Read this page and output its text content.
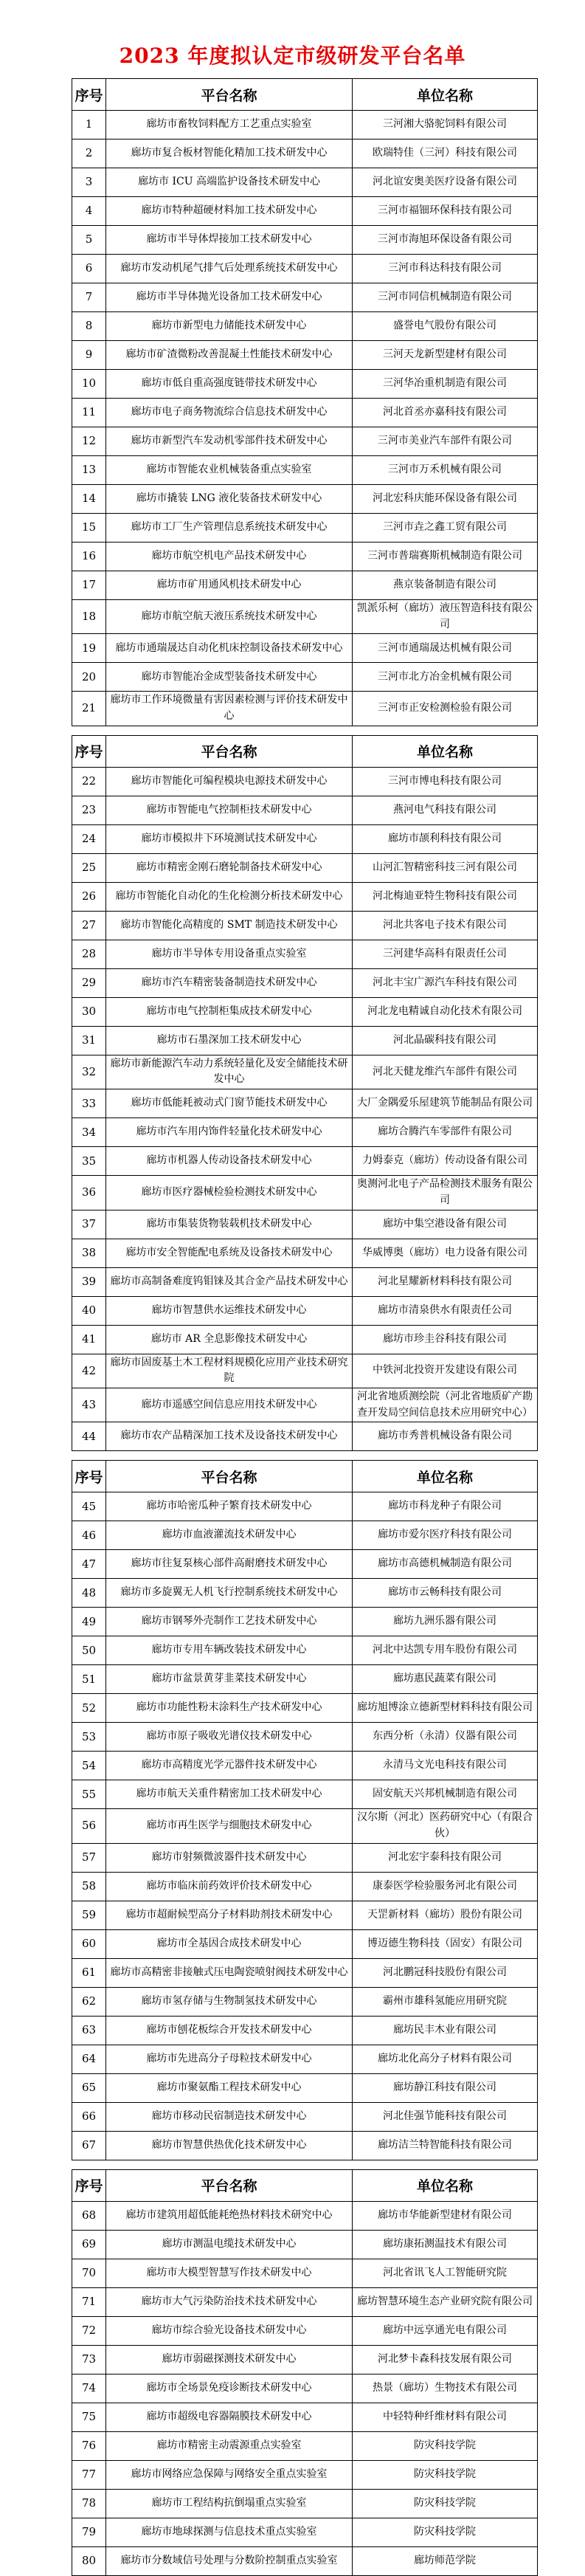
2023 年度拟认定市级研发平台名单
序号	平台名称	单位名称
1	廊坊市畜牧饲料配方工艺重点实验室	三河湘大骆驼饲料有限公司
2	廊坊市复合板材智能化精加工技术研发中心	欧瑞特佳（三河）科技有限公司
3	廊坊市 ICU 高端监护设备技术研发中心	河北谊安奥美医疗设备有限公司
4	廊坊市特种超硬材料加工技术研发中心	三河市福钿环保科技有限公司
5	廊坊市半导体焊接加工技术研发中心	三河市海旭环保设备有限公司
6	廊坊市发动机尾气排气后处理系统技术研发中心	三河市科达科技有限公司
7	廊坊市半导体抛光设备加工技术研发中心	三河市同信机械制造有限公司
8	廊坊市新型电力储能技术研发中心	盛誉电气股份有限公司
9	廊坊市矿渣微粉改善混凝土性能技术研发中心	三河天龙新型建材有限公司
10	廊坊市低自重高强度链带技术研发中心	三河华冶重机制造有限公司
11	廊坊市电子商务物流综合信息技术研发中心	河北首丞亦嘉科技有限公司
12	廊坊市新型汽车发动机零部件技术研发中心	三河市美业汽车部件有限公司
13	廊坊市智能农业机械装备重点实验室	三河市万禾机械有限公司
14	廊坊市撬装 LNG 液化装备技术研发中心	河北宏科庆能环保设备有限公司
15	廊坊市工厂生产管理信息系统技术研发中心	三河市垚之鑫工贸有限公司
16	廊坊市航空机电产品技术研发中心	三河市普瑞赛斯机械制造有限公司
17	廊坊市矿用通风机技术研发中心	燕京装备制造有限公司
18	廊坊市航空航天液压系统技术研发中心	凯派乐柯（廊坊）液压智造科技有限公司
19	廊坊市通瑞晟达自动化机床控制设备技术研发中心	三河市通瑞晟达机械有限公司
20	廊坊市智能冶金成型装备技术研发中心	三河市北方冶金机械有限公司
21	廊坊市工作环境微量有害因素检测与评价技术研发中心	三河市正安检测检验有限公司
序号	平台名称	单位名称
22	廊坊市智能化可编程模块电源技术研发中心	三河市博电科技有限公司
23	廊坊市智能电气控制柜技术研发中心	燕河电气科技有限公司
24	廊坊市模拟井下环境测试技术研发中心	廊坊市颉利科技有限公司
25	廊坊市精密金刚石磨轮制备技术研发中心	山河汇智精密科技三河有限公司
26	廊坊市智能化自动化的生化检测分析技术研发中心	河北梅迪亚特生物科技有限公司
27	廊坊市智能化高精度的 SMT 制造技术研发中心	河北共客电子技术有限公司
28	廊坊市半导体专用设备重点实验室	三河建华高科有限责任公司
29	廊坊市汽车精密装备制造技术研发中心	河北丰宝广源汽车科技有限公司
30	廊坊市电气控制柜集成技术研发中心	河北龙电精诚自动化技术有限公司
31	廊坊市石墨深加工技术研发中心	河北晶碳科技有限公司
32	廊坊市新能源汽车动力系统轻量化及安全储能技术研发中心	河北天健龙维汽车部件有限公司
33	廊坊市低能耗被动式门窗节能技术研发中心	大厂金隅爱乐屋建筑节能制品有限公司
34	廊坊市汽车用内饰件轻量化技术研发中心	廊坊合腾汽车零部件有限公司
35	廊坊市机器人传动设备技术研发中心	力姆泰克（廊坊）传动设备有限公司
36	廊坊市医疗器械检验检测技术研发中心	奥测河北电子产品检测技术服务有限公司
37	廊坊市集装货物装载机技术研发中心	廊坊中集空港设备有限公司
38	廊坊市安全智能配电系统及设备技术研发中心	华威博奥（廊坊）电力设备有限公司
39	廊坊市高制备难度钨钼铼及其合金产品技术研发中心	河北星耀新材料科技有限公司
40	廊坊市智慧供水运维技术研发中心	廊坊市清泉供水有限责任公司
41	廊坊市 AR 全息影像技术研发中心	廊坊市珍圭谷科技有限公司
42	廊坊市固废基土木工程材料规模化应用产业技术研究院	中铁河北投资开发建设有限公司
43	廊坊市遥感空间信息应用技术研发中心	河北省地质测绘院（河北省地质矿产勘查开发局空间信息技术应用研究中心）
44	廊坊市农产品精深加工技术及设备技术研发中心	廊坊市秀普机械设备有限公司
序号	平台名称	单位名称
45	廊坊市哈密瓜种子繁育技术研发中心	廊坊市科龙种子有限公司
46	廊坊市血液灌流技术研发中心	廊坊市爱尔医疗科技有限公司
47	廊坊市往复泵核心部件高耐磨技术研发中心	廊坊市高德机械制造有限公司
48	廊坊市多旋翼无人机飞行控制系统技术研发中心	廊坊市云畅科技有限公司
49	廊坊市钢琴外壳制作工艺技术研发中心	廊坊九洲乐器有限公司
50	廊坊市专用车辆改装技术研发中心	河北中达凯专用车股份有限公司
51	廊坊市盆景黄芽韭菜技术研发中心	廊坊惠民蔬菜有限公司
52	廊坊市功能性粉末涂料生产技术研发中心	廊坊旭博涂立德新型材料科技有限公司
53	廊坊市原子吸收光谱仪技术研发中心	东西分析（永清）仪器有限公司
54	廊坊市高精度光学元器件技术研发中心	永清马文光电科技有限公司
55	廊坊市航天关重件精密加工技术研发中心	固安航天兴邦机械制造有限公司
56	廊坊市再生医学与细胞技术研发中心	汉尔斯（河北）医药研究中心（有限合伙）
57	廊坊市射频微波器件技术研发中心	河北宏宇泰科技有限公司
58	廊坊市临床前药效评价技术研发中心	康泰医学检验服务河北有限公司
59	廊坊市超耐候型高分子材料助剂技术研发中心	天罡新材料（廊坊）股份有限公司
60	廊坊市全基因合成技术研发中心	博迈德生物科技（固安）有限公司
61	廊坊市高精密非接触式压电陶瓷喷射阀技术研发中心	河北鹏冠科技股份有限公司
62	廊坊市氢存储与生物制氢技术研发中心	霸州市雄科氢能应用研究院
63	廊坊市刨花板综合开发技术研发中心	廊坊民丰木业有限公司
64	廊坊市先进高分子母粒技术研发中心	廊坊北化高分子材料有限公司
65	廊坊市聚氨酯工程技术研发中心	廊坊静江科技有限公司
66	廊坊市移动民宿制造技术研发中心	河北佳强节能科技有限公司
67	廊坊市智慧供热优化技术研发中心	廊坊洁兰特智能科技有限公司
序号	平台名称	单位名称
68	廊坊市建筑用超低能耗绝热材料技术研究中心	廊坊市华能新型建材有限公司
69	廊坊市测温电缆技术研发中心	廊坊康拓测温技术有限公司
70	廊坊市大模型智慧写作技术研发中心	河北省讯飞人工智能研究院
71	廊坊市大气污染防治技术技术研发中心	廊坊智慧环境生态产业研究院有限公司
72	廊坊市综合验光设备技术研发中心	廊坊中远享通光电有限公司
73	廊坊市弱磁探测技术研发中心	河北梦卡森科技发展有限公司
74	廊坊市全场景免疫诊断技术研发中心	热景（廊坊）生物技术有限公司
75	廊坊市超级电容器隔膜技术研发中心	中轻特种纤维材料有限公司
76	廊坊市精密主动震源重点实验室	防灾科技学院
77	廊坊市网络应急保障与网络安全重点实验室	防灾科技学院
78	廊坊市工程结构抗倒塌重点实验室	防灾科技学院
79	廊坊市地球探测与信息技术重点实验室	防灾科技学院
80	廊坊市分数域信号处理与分数阶控制重点实验室	廊坊师范学院
